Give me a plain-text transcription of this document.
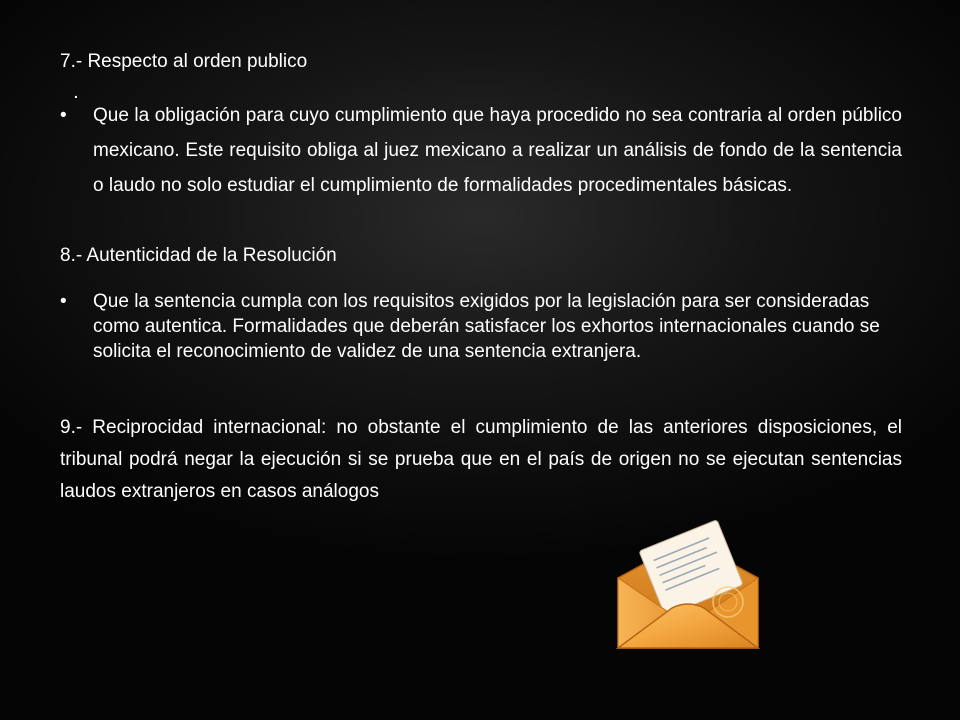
7.- Respecto al orden publico
.
• Que la obligación para cuyo cumplimiento que haya procedido no sea contraria al orden público mexicano. Este requisito obliga al juez mexicano a realizar un análisis de fondo de la sentencia o laudo no solo estudiar el cumplimiento de formalidades procedimentales básicas.
8.- Autenticidad de la Resolución
• Que la sentencia cumpla con los requisitos exigidos por la legislación para ser consideradas como autentica. Formalidades que deberán satisfacer los exhortos internacionales cuando se solicita el reconocimiento de validez de una sentencia extranjera.
9.- Reciprocidad internacional: no obstante el cumplimiento de las anteriores disposiciones, el tribunal podrá negar la ejecución si se prueba que en el país de origen no se ejecutan sentencias laudos extranjeros en casos análogos
